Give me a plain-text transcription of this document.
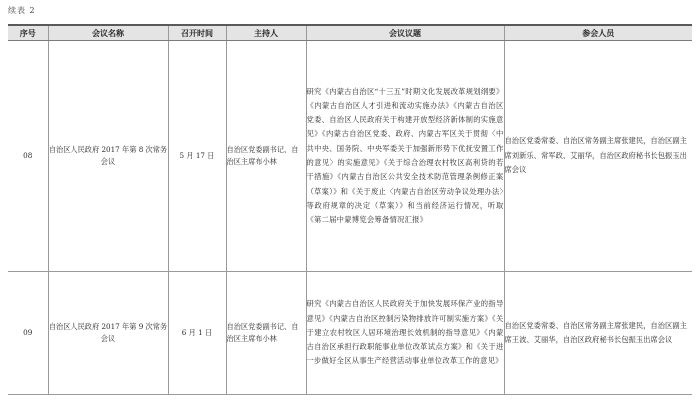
续表 2
序号	会议名称	召开时间	主持人	会议议题	参会人员
08	自治区人民政府 2017 年第 8 次常务会议	5 月 17 日	自治区党委副书记、自治区主席布小林	研究《内蒙古自治区“十三五”时期文化发展改革规划纲要》《内蒙古自治区人才引进和流动实施办法》《内蒙古自治区党委、自治区人民政府关于构建开放型经济新体制的实施意见》《内蒙古自治区党委、政府、内蒙古军区关于贯彻〈中共中央、国务院、中央军委关于加强新形势下优抚安置工作的意见〉的实施意见》《关于综合治理农村牧区高利贷的若干措施》《内蒙古自治区公共安全技术防范管理条例修正案（草案）》和《关于废止〈内蒙古自治区劳动争议处理办法〉等政府规章的决定（草案）》和当前经济运行情况，听取《第二届中蒙博览会筹备情况汇报》	自治区党委常委、自治区常务副主席张建民，自治区副主席刘新乐、常军政、艾丽华，自治区政府秘书长包振玉出席会议
09	自治区人民政府 2017 年第 9 次常务会议	6 月 1 日	自治区党委副书记、自治区主席布小林	研究《内蒙古自治区人民政府关于加快发展环保产业的指导意见》《内蒙古自治区控制污染物排放许可制实施方案》《关于建立农村牧区人居环境治理长效机制的指导意见》《内蒙古自治区承担行政职能事业单位改革试点方案》和《关于进一步做好全区从事生产经营活动事业单位改革工作的意见》	自治区党委常委、自治区常务副主席张建民，自治区副主席王波、艾丽华，自治区政府秘书长包振玉出席会议
